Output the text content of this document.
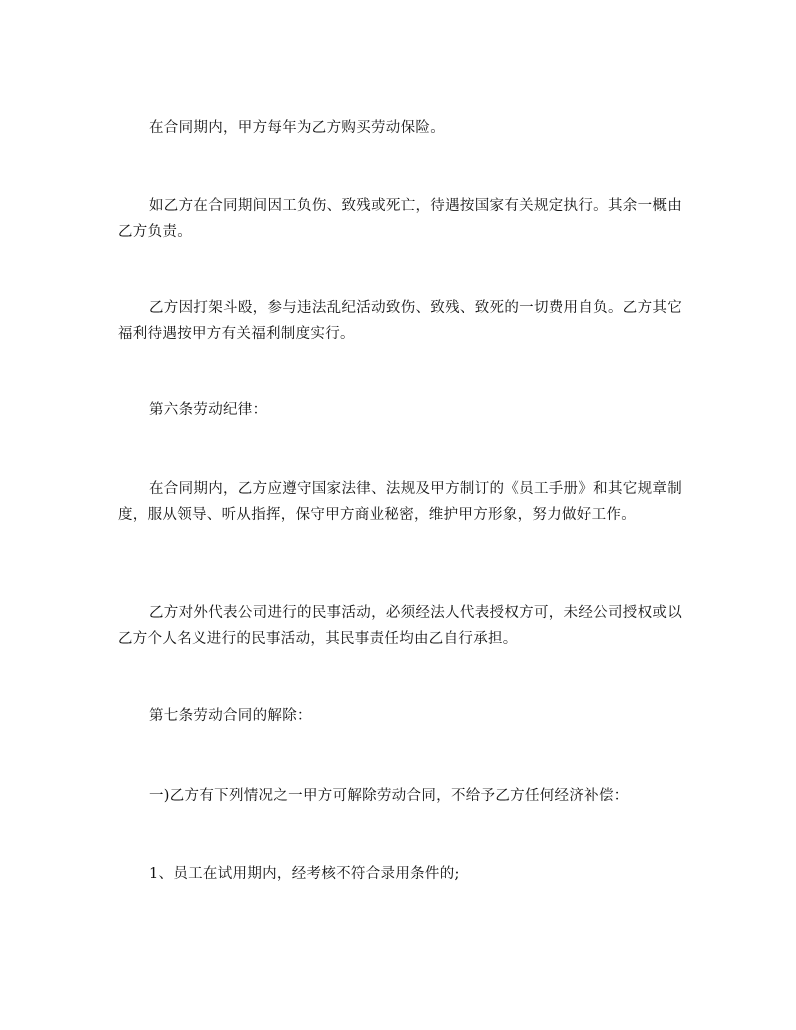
在合同期内，甲方每年为乙方购买劳动保险。

如乙方在合同期间因工负伤、致残或死亡，待遇按国家有关规定执行。其余一概由乙方负责。

乙方因打架斗殴，参与违法乱纪活动致伤、致残、致死的一切费用自负。乙方其它福利待遇按甲方有关福利制度实行。

第六条劳动纪律：

在合同期内，乙方应遵守国家法律、法规及甲方制订的《员工手册》和其它规章制度，服从领导、听从指挥，保守甲方商业秘密，维护甲方形象，努力做好工作。

乙方对外代表公司进行的民事活动，必须经法人代表授权方可，未经公司授权或以乙方个人名义进行的民事活动，其民事责任均由乙自行承担。

第七条劳动合同的解除：

一)乙方有下列情况之一甲方可解除劳动合同，不给予乙方任何经济补偿：

1、员工在试用期内，经考核不符合录用条件的;
